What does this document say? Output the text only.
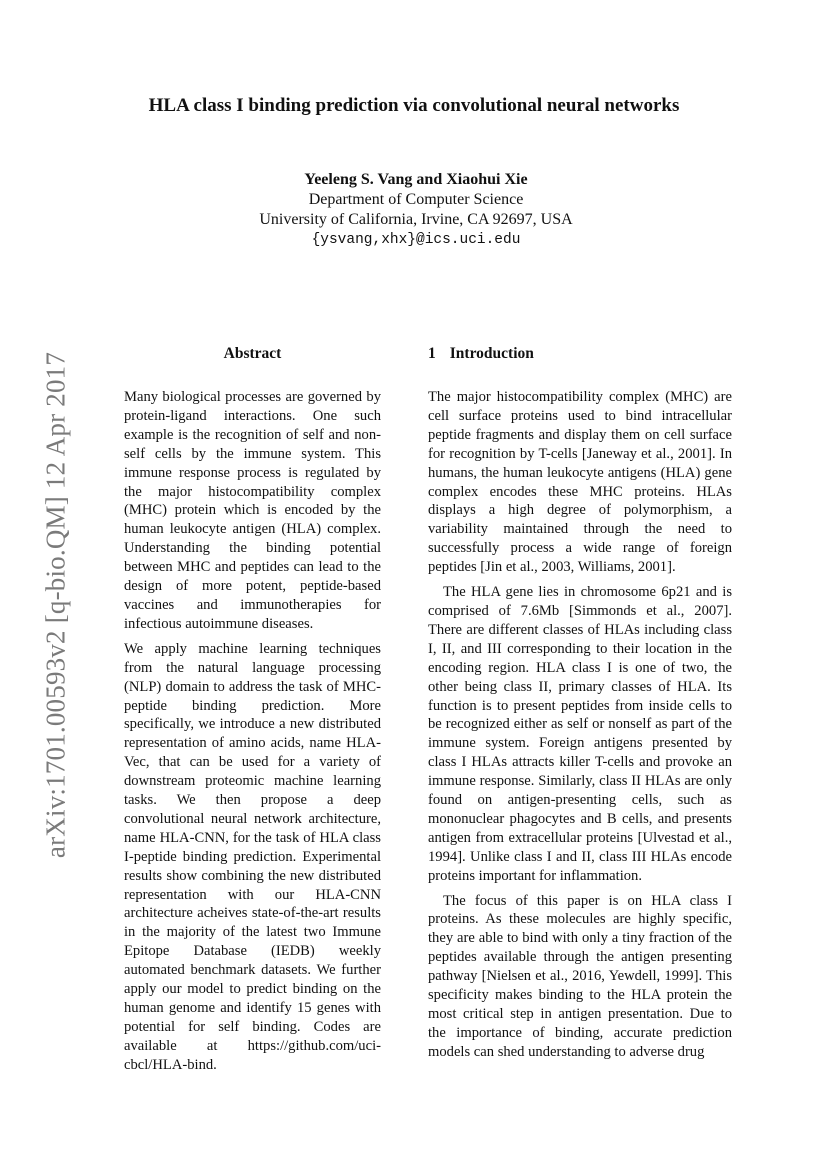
arXiv:1701.00593v2 [q-bio.QM] 12 Apr 2017
HLA class I binding prediction via convolutional neural networks
Yeeleng S. Vang and Xiaohui Xie
Department of Computer Science
University of California, Irvine, CA 92697, USA
{ysvang,xhx}@ics.uci.edu
Abstract

Many biological processes are governed by protein-ligand interactions. One such example is the recognition of self and non-self cells by the immune system. This immune response process is regulated by the major histocompatibility complex (MHC) protein which is encoded by the human leukocyte antigen (HLA) complex. Understanding the binding potential between MHC and peptides can lead to the design of more potent, peptide-based vaccines and immunotherapies for infectious autoimmune diseases.

We apply machine learning techniques from the natural language processing (NLP) domain to address the task of MHC-peptide binding prediction. More specifically, we introduce a new distributed representation of amino acids, name HLA-Vec, that can be used for a variety of downstream proteomic machine learning tasks. We then propose a deep convolutional neural network architecture, name HLA-CNN, for the task of HLA class I-peptide binding prediction. Experimental results show combining the new distributed representation with our HLA-CNN architecture acheives state-of-the-art results in the majority of the latest two Immune Epitope Database (IEDB) weekly automated benchmark datasets. We further apply our model to predict binding on the human genome and identify 15 genes with potential for self binding. Codes are available at https://github.com/uci-cbcl/HLA-bind.

1 Introduction

The major histocompatibility complex (MHC) are cell surface proteins used to bind intracellular peptide fragments and display them on cell surface for recognition by T-cells [Janeway et al., 2001]. In humans, the human leukocyte antigens (HLA) gene complex encodes these MHC proteins. HLAs displays a high degree of polymorphism, a variability maintained through the need to successfully process a wide range of foreign peptides [Jin et al., 2003, Williams, 2001].

The HLA gene lies in chromosome 6p21 and is comprised of 7.6Mb [Simmonds et al., 2007]. There are different classes of HLAs including class I, II, and III corresponding to their location in the encoding region. HLA class I is one of two, the other being class II, primary classes of HLA. Its function is to present peptides from inside cells to be recognized either as self or nonself as part of the immune system. Foreign antigens presented by class I HLAs attracts killer T-cells and provoke an immune response. Similarly, class II HLAs are only found on antigen-presenting cells, such as mononuclear phagocytes and B cells, and presents antigen from extracellular proteins [Ulvestad et al., 1994]. Unlike class I and II, class III HLAs encode proteins important for inflammation.

The focus of this paper is on HLA class I proteins. As these molecules are highly specific, they are able to bind with only a tiny fraction of the peptides available through the antigen presenting pathway [Nielsen et al., 2016, Yewdell, 1999]. This specificity makes binding to the HLA protein the most critical step in antigen presentation. Due to the importance of binding, accurate prediction models can shed understanding to adverse drug
